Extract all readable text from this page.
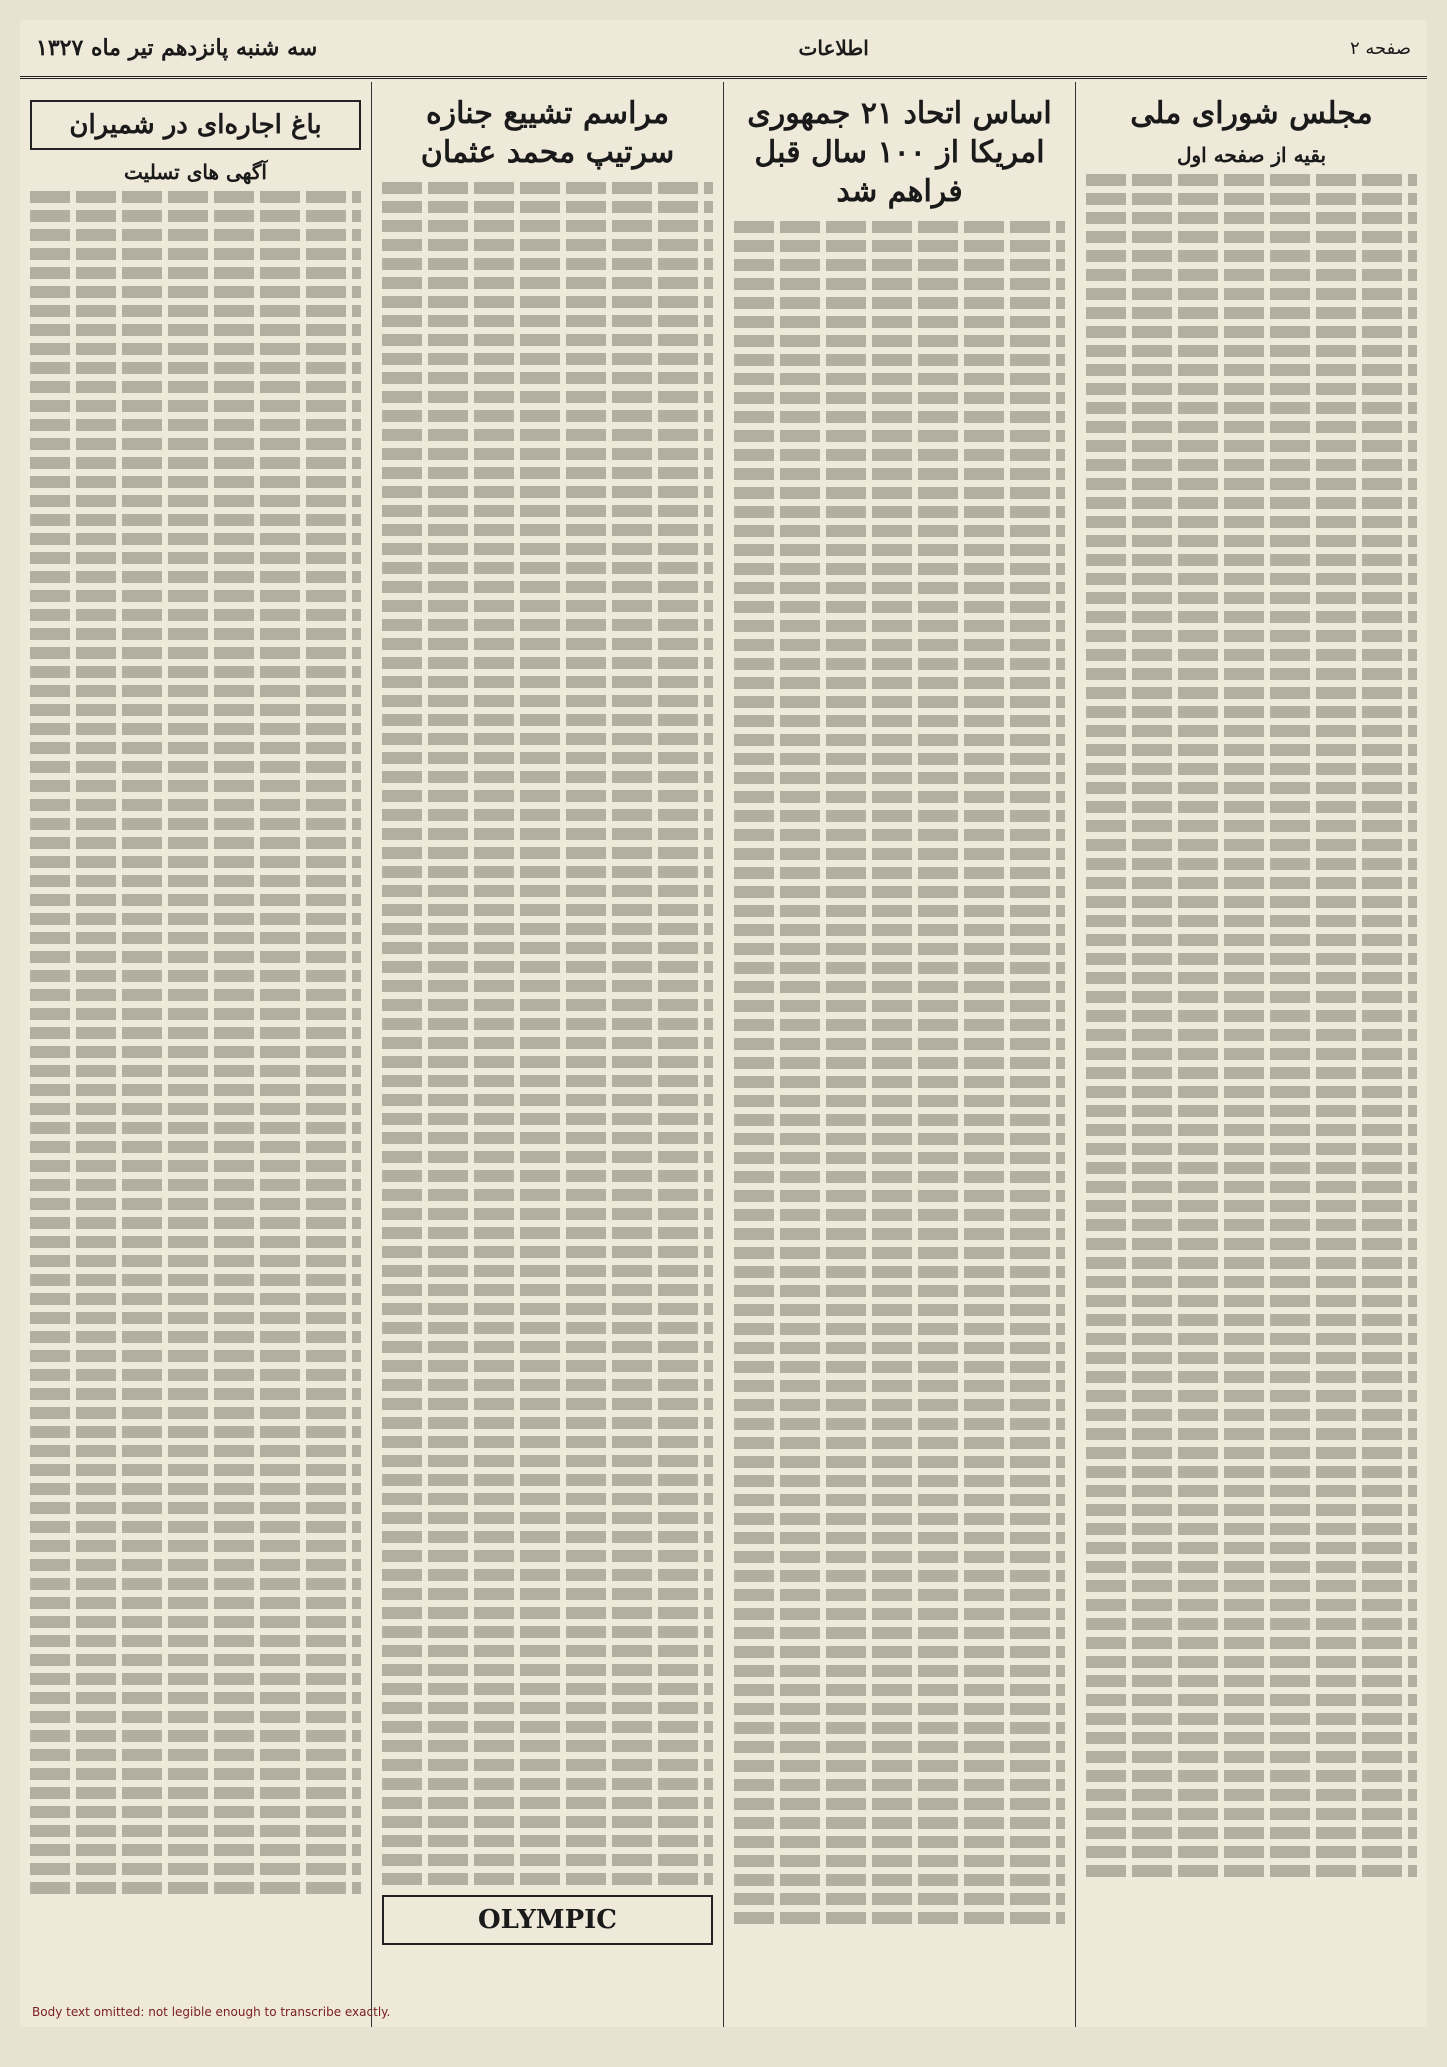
صفحه ۲
اطلاعات
سه شنبه پانزدهم تیر ماه ۱۳۲۷
مجلس شورای ملی
بقیه از صفحه اول
اساس اتحاد ۲۱ جمهوری امریکا از ۱۰۰ سال قبل فراهم شد
مراسم تشییع جنازه سرتیپ محمد عثمان
OLYMPIC
باغ اجاره‌ای در شمیران
آگهی های تسلیت
Body text omitted: not legible enough to transcribe exactly.
